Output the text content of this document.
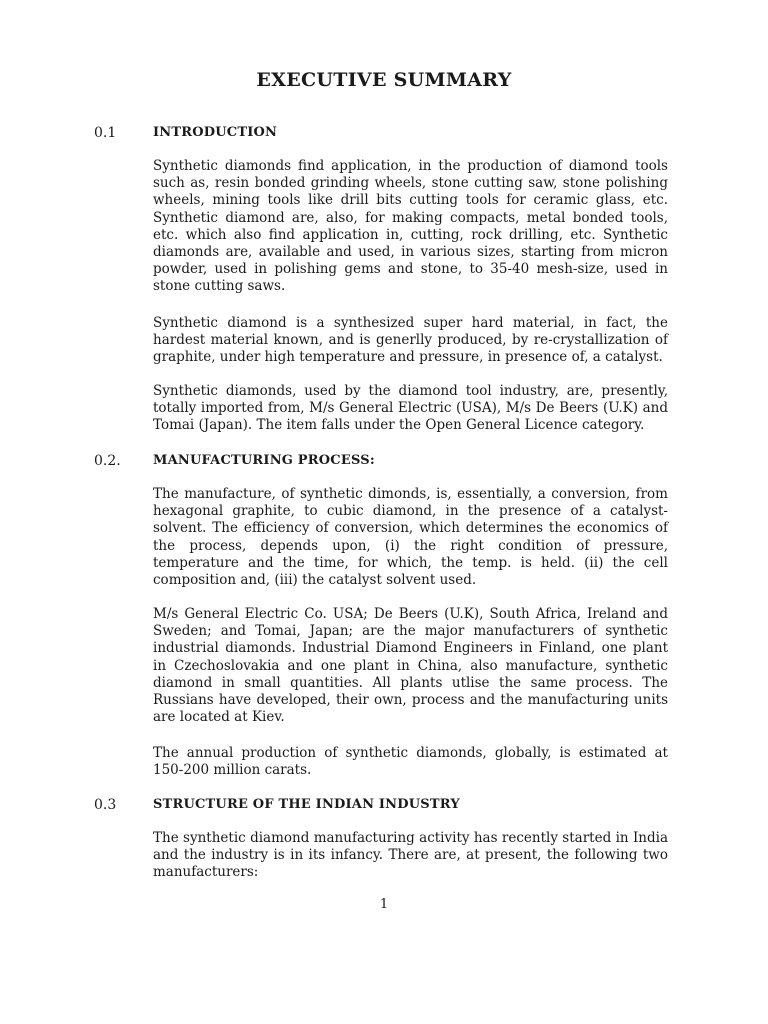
EXECUTIVE SUMMARY
0.1	INTRODUCTION

Synthetic diamonds find application, in the production of diamond tools such as, resin bonded grinding wheels, stone cutting saw, stone polishing wheels, mining tools like drill bits cutting tools for ceramic glass, etc. Synthetic diamond are, also, for making compacts, metal bonded tools, etc. which also find application in, cutting, rock drilling, etc. Synthetic diamonds are, available and used, in various sizes, starting from micron powder, used in polishing gems and stone, to 35-40 mesh-size, used in stone cutting saws.

Synthetic diamond is a synthesized super hard material, in fact, the hardest material known, and is generlly produced, by re-crystallization of graphite, under high temperature and pressure, in presence of, a catalyst.

Synthetic diamonds, used by the diamond tool industry, are, presently, totally imported from, M/s General Electric (USA), M/s De Beers (U.K) and Tomai (Japan). The item falls under the Open General Licence category.

0.2. MANUFACTURING PROCESS:

The manufacture, of synthetic dimonds, is, essentially, a conversion, from hexagonal graphite, to cubic diamond, in the presence of a catalyst-solvent. The efficiency of conversion, which determines the economics of the process, depends upon, (i) the right condition of pressure, temperature and the time, for which, the temp. is held. (ii) the cell composition and, (iii) the catalyst solvent used.

M/s General Electric Co. USA; De Beers (U.K), South Africa, Ireland and Sweden; and Tomai, Japan; are the major manufacturers of synthetic industrial diamonds. Industrial Diamond Engineers in Finland, one plant in Czechoslovakia and one plant in China, also manufacture, synthetic diamond in small quantities. All plants utlise the same process. The Russians have developed, their own, process and the manufacturing units are located at Kiev.

The annual production of synthetic diamonds, globally, is estimated at 150-200 million carats.

0.3	STRUCTURE OF THE INDIAN INDUSTRY

The synthetic diamond manufacturing activity has recently started in India and the industry is in its infancy. There are, at present, the following two manufacturers:

1
